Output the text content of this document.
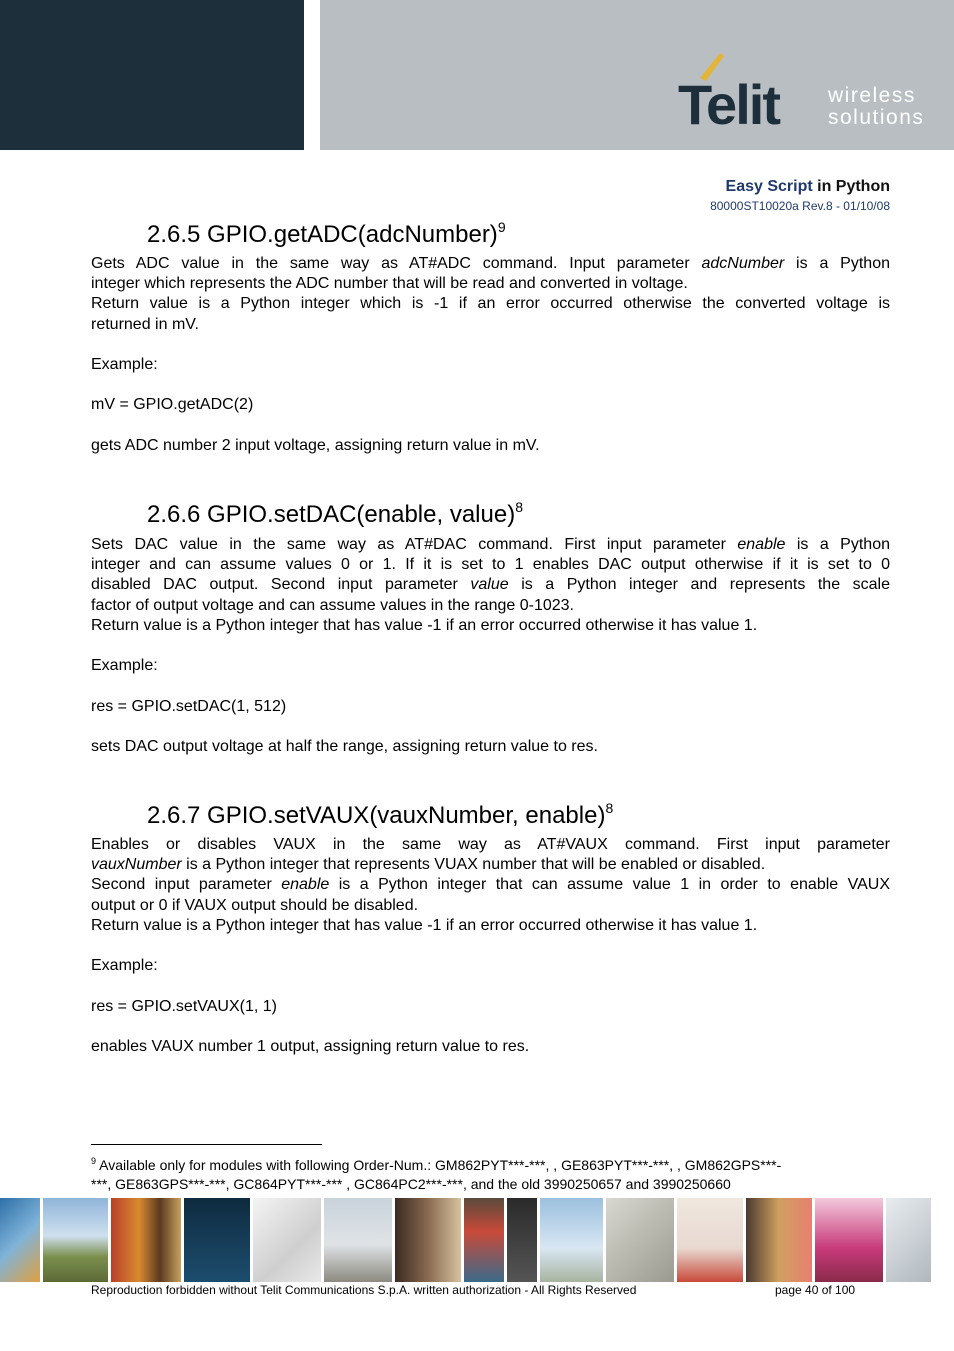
Telit wireless
solutions
Easy Script in Python
80000ST10020a Rev.8 - 01/10/08
2.6.5 GPIO.getADC(adcNumber)$^9$
Gets ADC value in the same way as AT#ADC command. Input parameter adcNumber is a Python
integer which represents the ADC number that will be read and converted in voltage.
Return value is a Python integer which is -1 if an error occurred otherwise the converted voltage is
returned in mV.
Example:
mV = GPIO.getADC(2)
gets ADC number 2 input voltage, assigning return value in mV.
2.6.6 GPIO.setDAC(enable, value)$^8$
Sets DAC value in the same way as AT#DAC command. First input parameter enable is a Python
integer and can assume values 0 or 1. If it is set to 1 enables DAC output otherwise if it is set to 0
disabled DAC output. Second input parameter value is a Python integer and represents the scale
factor of output voltage and can assume values in the range 0-1023.
Return value is a Python integer that has value -1 if an error occurred otherwise it has value 1.
Example:
res = GPIO.setDAC(1, 512)
sets DAC output voltage at half the range, assigning return value to res.
2.6.7 GPIO.setVAUX(vauxNumber, enable)$^8$
Enables or disables VAUX in the same way as AT#VAUX command. First input parameter
vauxNumber is a Python integer that represents VUAX number that will be enabled or disabled.
Second input parameter enable is a Python integer that can assume value 1 in order to enable VAUX
output or 0 if VAUX output should be disabled.
Return value is a Python integer that has value -1 if an error occurred otherwise it has value 1.
Example:
res = GPIO.setVAUX(1, 1)
enables VAUX number 1 output, assigning return value to res.
$^9$ Available only for modules with following Order-Num.: GM862PYT***-***, , GE863PYT***-***, , GM862GPS***-
***, GE863GPS***-***, GC864PYT***-*** , GC864PC2***-***, and the old 3990250657 and 3990250660
Reproduction forbidden without Telit Communications S.p.A. written authorization - All Rights Reserved	page 40 of 100
